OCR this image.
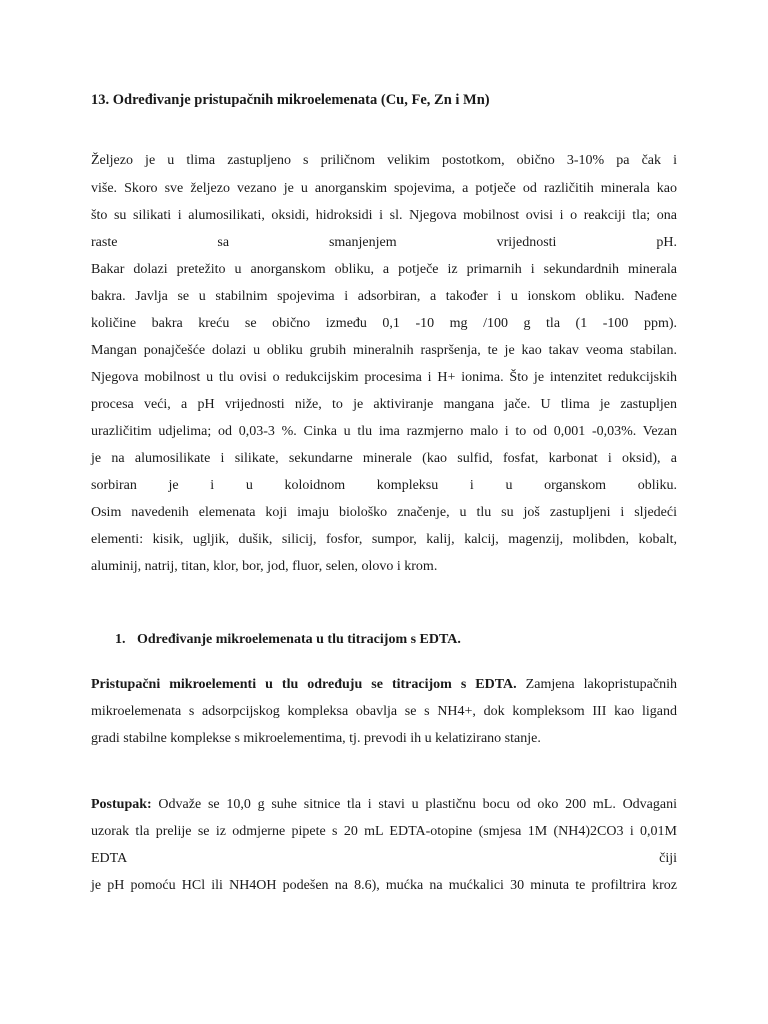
13. Određivanje pristupačnih mikroelemenata (Cu, Fe, Zn i Mn)
Željezo je u tlima zastupljeno s priličnom velikim postotkom, obično 3-10% pa čak i
više. Skoro sve željezo vezano je u anorganskim spojevima, a potječe od različitih minerala kao
što su silikati i alumosilikati, oksidi, hidroksidi i sl. Njegova mobilnost ovisi i o reakciji tla; ona
raste sa smanjenjem vrijednosti pH.
Bakar dolazi pretežito u anorganskom obliku, a potječe iz primarnih i sekundardnih minerala
bakra. Javlja se u stabilnim spojevima i adsorbiran, a također i u ionskom obliku. Nađene
količine bakra kreću se obično između 0,1 -10 mg /100 g tla (1 -100 ppm).
Mangan ponajčešće dolazi u obliku grubih mineralnih raspršenja, te je kao takav veoma stabilan.
Njegova mobilnost u tlu ovisi o redukcijskim procesima i H+ ionima. Što je intenzitet redukcijskih
procesa veći, a pH vrijednosti niže, to je aktiviranje mangana jače. U tlima je zastupljen
urazličitim udjelima; od 0,03-3 %. Cinka u tlu ima razmjerno malo i to od 0,001 -0,03%. Vezan
je na alumosilikate i silikate, sekundarne minerale (kao sulfid, fosfat, karbonat i oksid), a
sorbiran je i u koloidnom kompleksu i u organskom obliku.
Osim navedenih elemenata koji imaju biološko značenje, u tlu su još zastupljeni i sljedeći
elementi: kisik, ugljik, dušik, silicij, fosfor, sumpor, kalij, kalcij, magenzij, molibden, kobalt,
aluminij, natrij, titan, klor, bor, jod, fluor, selen, olovo i krom.
1. Određivanje mikroelemenata u tlu titracijom s EDTA.
Pristupačni mikroelementi u tlu određuju se titracijom s EDTA. Zamjena lakopristupačnih
mikroelemenata s adsorpcijskog kompleksa obavlja se s NH4+, dok kompleksom III kao ligand
gradi stabilne komplekse s mikroelementima, tj. prevodi ih u kelatizirano stanje.
Postupak: Odvaže se 10,0 g suhe sitnice tla i stavi u plastičnu bocu od oko 200 mL. Odvagani
uzorak tla prelije se iz odmjerne pipete s 20 mL EDTA-otopine (smjesa 1M (NH4)2CO3 i 0,01M
EDTA čiji
je pH pomoću HCl ili NH4OH podešen na 8.6), mućka na mućkalici 30 minuta te profiltrira kroz
